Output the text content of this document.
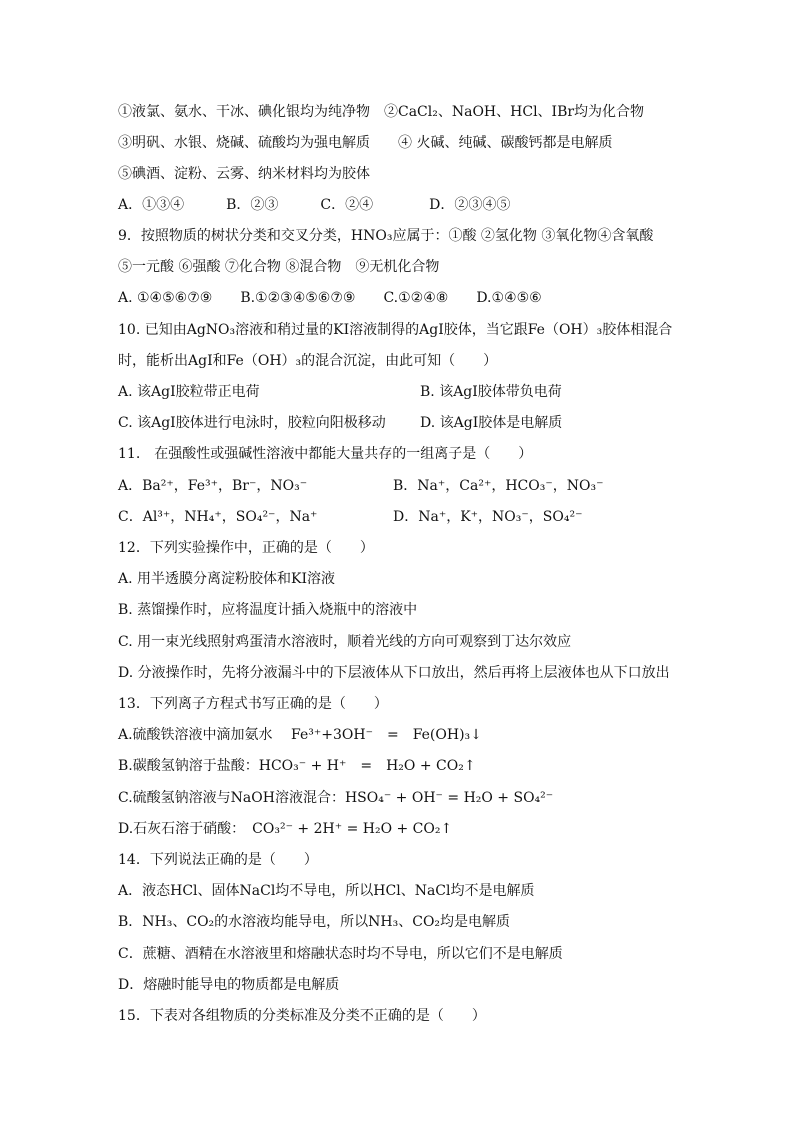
①液氯、氨水、干冰、碘化银均为纯净物　②CaCl₂、NaOH、HCl、IBr均为化合物
③明矾、水银、烧碱、硫酸均为强电解质　　④ 火碱、纯碱、碳酸钙都是电解质
⑤碘酒、淀粉、云雾、纳米材料均为胶体
A．①③④　　　B．②③　　　C．②④　　　　D．②③④⑤
9．按照物质的树状分类和交叉分类，HNO₃应属于：①酸 ②氢化物 ③氧化物④含氧酸
⑤一元酸 ⑥强酸 ⑦化合物 ⑧混合物　⑨无机化合物
A. ①④⑤⑥⑦⑨　　B.①②③④⑤⑥⑦⑨　　C.①②④⑧　　D.①④⑤⑥
10. 已知由AgNO₃溶液和稍过量的KI溶液制得的AgI胶体，当它跟Fe（OH）₃胶体相混合
时，能析出AgI和Fe（OH）₃的混合沉淀，由此可知（　　）
A. 该AgI胶粒带正电荷	B. 该AgI胶体带负电荷
C. 该AgI胶体进行电泳时，胶粒向阳极移动 D. 该AgI胶体是电解质
11.　在强酸性或强碱性溶液中都能大量共存的一组离子是（　　）
A．Ba²⁺，Fe³⁺，Br⁻，NO₃⁻	B．Na⁺，Ca²⁺，HCO₃⁻，NO₃⁻
C．Al³⁺，NH₄⁺，SO₄²⁻，Na⁺	D．Na⁺，K⁺，NO₃⁻，SO₄²⁻
12．下列实验操作中，正确的是（　　）
A. 用半透膜分离淀粉胶体和KI溶液
B. 蒸馏操作时，应将温度计插入烧瓶中的溶液中
C. 用一束光线照射鸡蛋清水溶液时，顺着光线的方向可观察到丁达尔效应
D. 分液操作时，先将分液漏斗中的下层液体从下口放出，然后再将上层液体也从下口放出
13．下列离子方程式书写正确的是（　　）
A.硫酸铁溶液中滴加氨水　 Fe³⁺+3OH⁻　=　Fe(OH)₃↓
B.碳酸氢钠溶于盐酸：HCO₃⁻ + H⁺　=　H₂O + CO₂↑
C.硫酸氢钠溶液与NaOH溶液混合：HSO₄⁻ + OH⁻ = H₂O + SO₄²⁻
D.石灰石溶于硝酸：　CO₃²⁻ + 2H⁺ = H₂O + CO₂↑
14．下列说法正确的是（　　）
A．液态HCl、固体NaCl均不导电，所以HCl、NaCl均不是电解质
B．NH₃、CO₂的水溶液均能导电，所以NH₃、CO₂均是电解质
C．蔗糖、酒精在水溶液里和熔融状态时均不导电，所以它们不是电解质
D．熔融时能导电的物质都是电解质
15．下表对各组物质的分类标准及分类不正确的是（　　）
